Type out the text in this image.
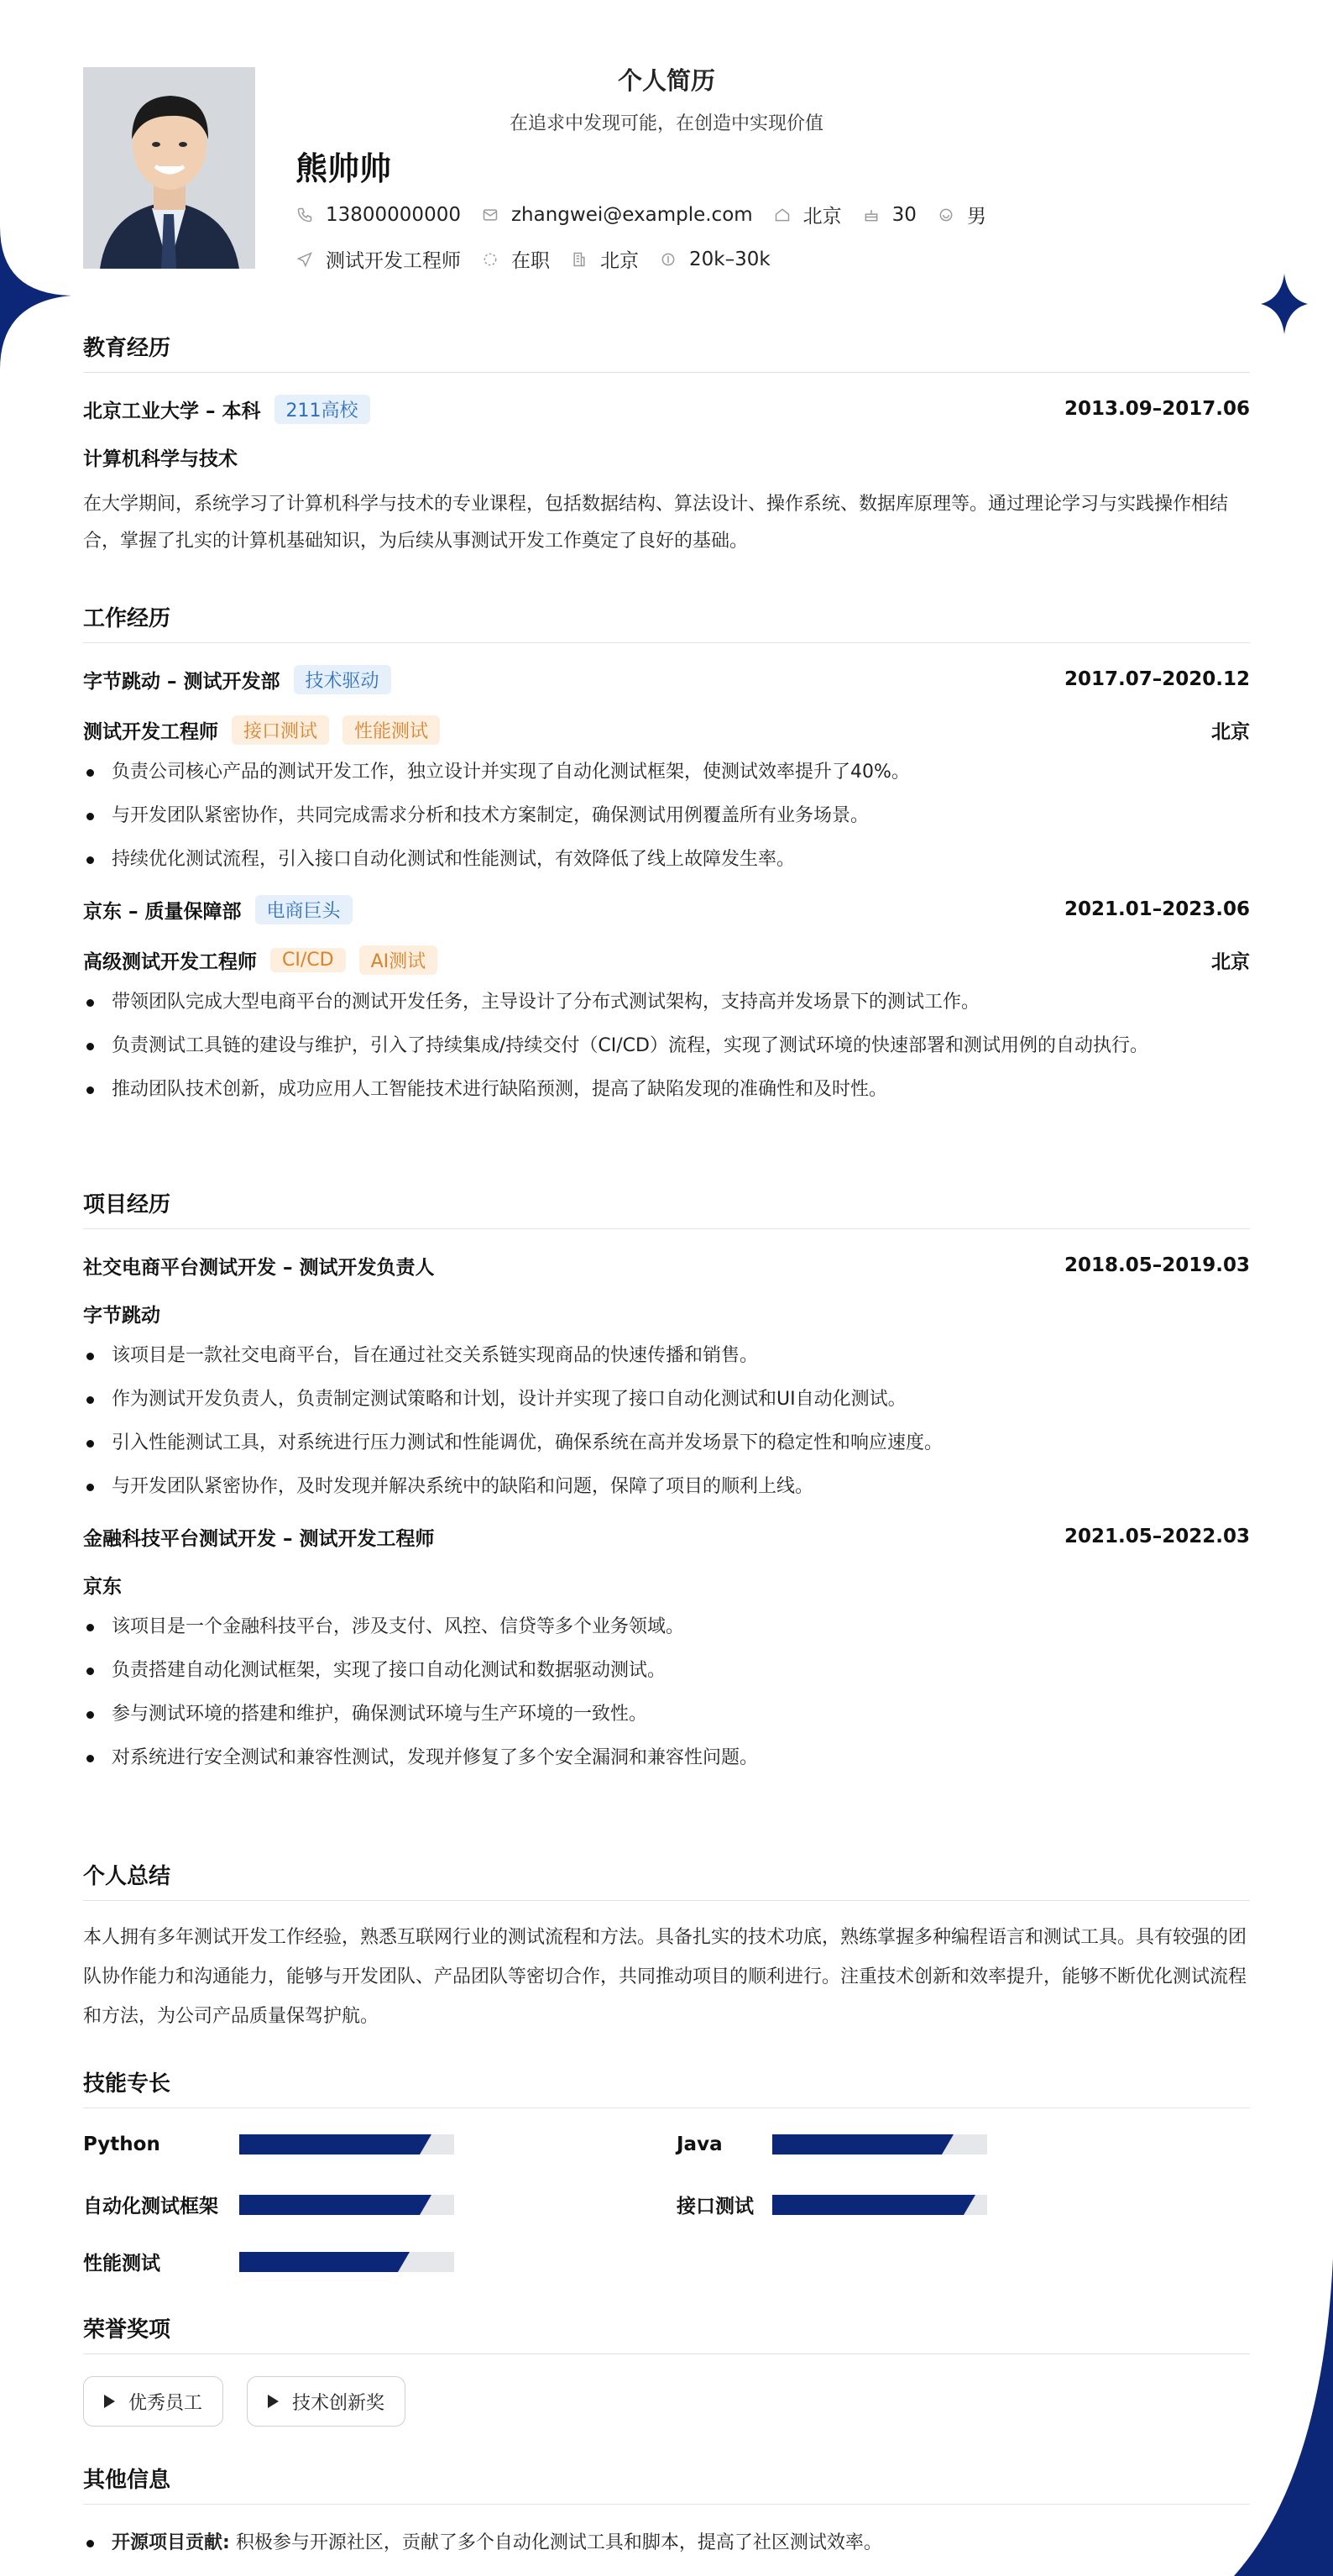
个人简历
在追求中发现可能，在创造中实现价值
熊帅帅
13800000000	zhangwei@example.com	北京	30	男
测试开发工程师	在职	北京	20k–30k
教育经历
北京工业大学 – 本科	211高校	2013.09–2017.06
计算机科学与技术
在大学期间，系统学习了计算机科学与技术的专业课程，包括数据结构、算法设计、操作系统、数据库原理等。通过理论学习与实践操作相结合，掌握了扎实的计算机基础知识，为后续从事测试开发工作奠定了良好的基础。
工作经历
字节跳动 – 测试开发部	技术驱动	2017.07–2020.12
测试开发工程师	接口测试	性能测试	北京
负责公司核心产品的测试开发工作，独立设计并实现了自动化测试框架，使测试效率提升了40%。
与开发团队紧密协作，共同完成需求分析和技术方案制定，确保测试用例覆盖所有业务场景。
持续优化测试流程，引入接口自动化测试和性能测试，有效降低了线上故障发生率。
京东 – 质量保障部	电商巨头	2021.01–2023.06
高级测试开发工程师	CI/CD	AI测试	北京
带领团队完成大型电商平台的测试开发任务，主导设计了分布式测试架构，支持高并发场景下的测试工作。
负责测试工具链的建设与维护，引入了持续集成/持续交付（CI/CD）流程，实现了测试环境的快速部署和测试用例的自动执行。
推动团队技术创新，成功应用人工智能技术进行缺陷预测，提高了缺陷发现的准确性和及时性。
项目经历
社交电商平台测试开发 – 测试开发负责人	2018.05–2019.03
字节跳动
该项目是一款社交电商平台，旨在通过社交关系链实现商品的快速传播和销售。
作为测试开发负责人，负责制定测试策略和计划，设计并实现了接口自动化测试和UI自动化测试。
引入性能测试工具，对系统进行压力测试和性能调优，确保系统在高并发场景下的稳定性和响应速度。
与开发团队紧密协作，及时发现并解决系统中的缺陷和问题，保障了项目的顺利上线。
金融科技平台测试开发 – 测试开发工程师	2021.05–2022.03
京东
该项目是一个金融科技平台，涉及支付、风控、信贷等多个业务领域。
负责搭建自动化测试框架，实现了接口自动化测试和数据驱动测试。
参与测试环境的搭建和维护，确保测试环境与生产环境的一致性。
对系统进行安全测试和兼容性测试，发现并修复了多个安全漏洞和兼容性问题。
个人总结
本人拥有多年测试开发工作经验，熟悉互联网行业的测试流程和方法。具备扎实的技术功底，熟练掌握多种编程语言和测试工具。具有较强的团队协作能力和沟通能力，能够与开发团队、产品团队等密切合作，共同推动项目的顺利进行。注重技术创新和效率提升，能够不断优化测试流程和方法，为公司产品质量保驾护航。
技能专长
Python	Java
自动化测试框架	接口测试
性能测试
荣誉奖项
优秀员工	技术创新奖
其他信息
开源项目贡献: 积极参与开源社区，贡献了多个自动化测试工具和脚本，提高了社区测试效率。
